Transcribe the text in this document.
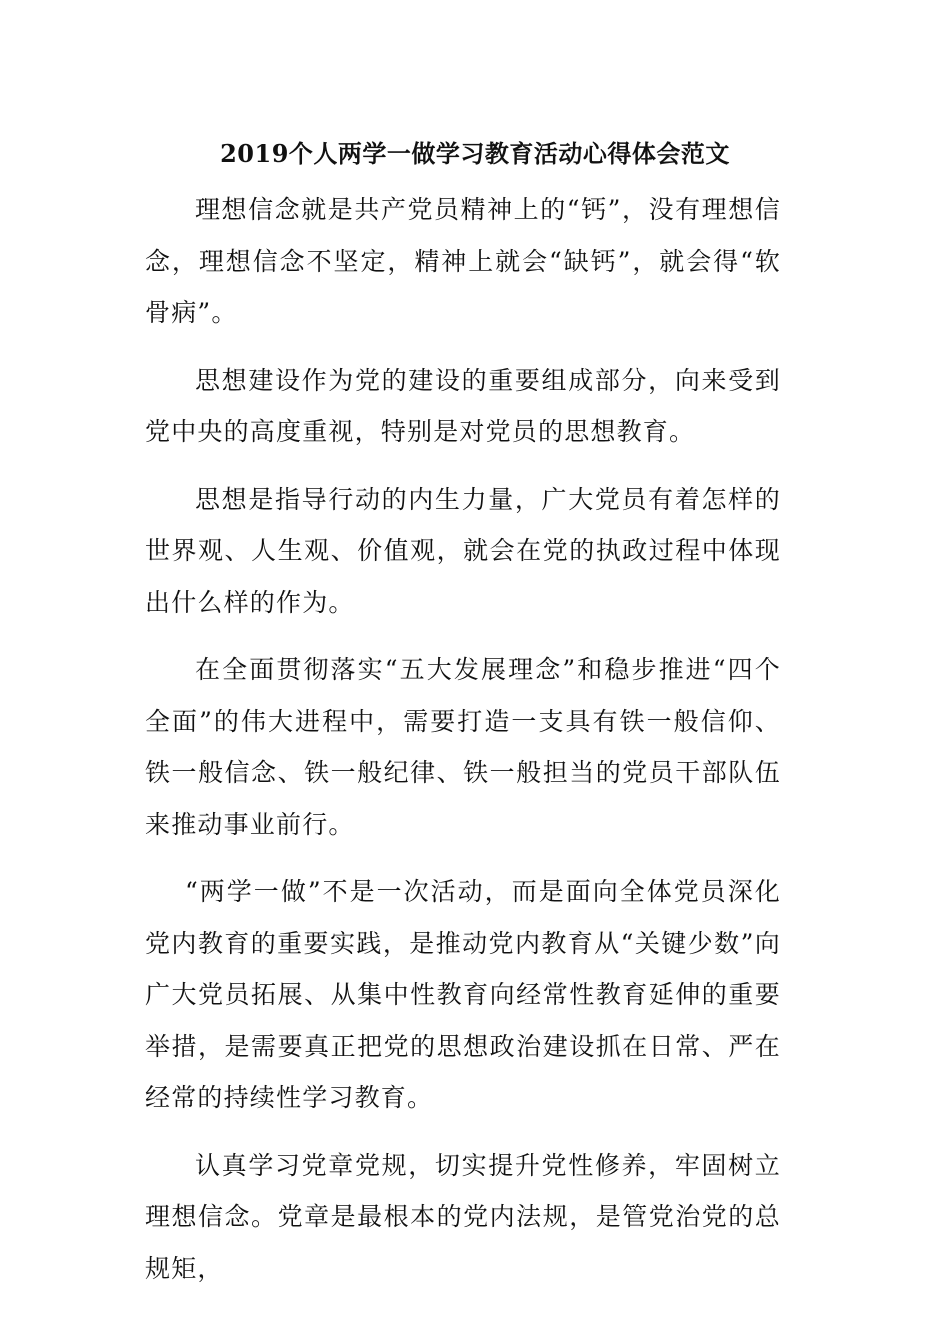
2019个人两学一做学习教育活动心得体会范文

理想信念就是共产党员精神上的“钙”，没有理想信念，理想信念不坚定，精神上就会“缺钙”，就会得“软骨病”。

思想建设作为党的建设的重要组成部分，向来受到党中央的高度重视，特别是对党员的思想教育。

思想是指导行动的内生力量，广大党员有着怎样的世界观、人生观、价值观，就会在党的执政过程中体现出什么样的作为。

在全面贯彻落实“五大发展理念”和稳步推进“四个全面”的伟大进程中，需要打造一支具有铁一般信仰、铁一般信念、铁一般纪律、铁一般担当的党员干部队伍来推动事业前行。

“两学一做”不是一次活动，而是面向全体党员深化党内教育的重要实践，是推动党内教育从“关键少数”向广大党员拓展、从集中性教育向经常性教育延伸的重要举措，是需要真正把党的思想政治建设抓在日常、严在经常的持续性学习教育。

认真学习党章党规，切实提升党性修养，牢固树立理想信念。党章是最根本的党内法规，是管党治党的总规矩，
